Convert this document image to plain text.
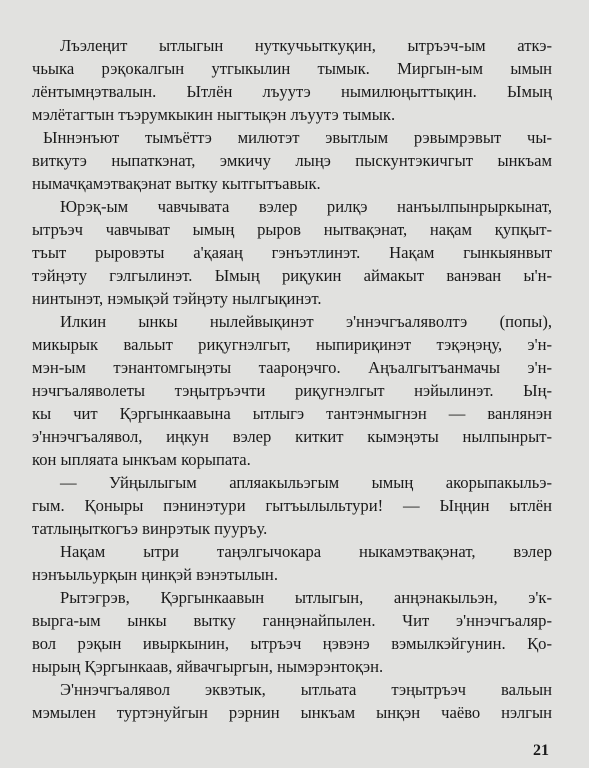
Лъэлеңит ытлыгын нуткучьыткуқин, ытръэч-ым аткэ-
чьыка рэқокалгын утгыкылин тымык. Миргын-ым ымын
лёнтымңэтвалын. Ытлён лъуутэ нымилюңыттықин. Ымың
мэлётагтын тъэрумкыкин ныгтықэн лъуутэ тымык.
Ыннэнъют тымъёттэ милютэт эвытлым рэвымрэвыт чы-
виткутэ ныпаткэнат, эмкичу лыңэ пыскунтэкичгыт ынкъам
нымачқамэтвақэнат вытку кытгытъавык.
Юрэқ-ым чавчывата вэлер рилқэ нанъылпынрыркынат,
ытръэч чавчыват ымың рыров нытвақэнат, нақам қупқыт-
тъыт рыровэты а'қаяаң гэнъэтлинэт. Нақам гынкыянвыт
тэйңэту гэлгылинэт. Ымың риқукин аймакыт ванэван ы'н-
нинтынэт, нэмықэй тэйңэту нылгықинэт.
Илкин ынкы нылейвықинэт э'ннэчгъалявoлтэ (попы),
микырык вальыт риқугнэлгыт, ныпириқинэт тэқэңэңу, э'н-
мэн-ым тэнантомгыңэты тааpоңэчго. Аңъалгытъанмачы э'н-
нэчгъаляволеты тэңытръэчти риқугнэлгыт нэйылинэт. Ың-
кы чит Қэргынкаавына ытлыгэ тантэнмыгнэн — ванлянэн
э'ннэчгъалявол, иңкун вэлер киткит кымэңэты нылпынрыт-
кон ыпляата ынкъам корыпата.
— Уйңылыгым апляакыльэгым ымың акорыпакыльэ-
гым. Қоныры пэнинэтури гытъылыльтури! — Ыңңин ытлён
татлыңыткогъэ винрэтык пууръу.
Нақам ытри таңэлгычокара ныкамэтвақэнат, вэлер
нэнъыльурқын ңинқэй вэнэтылын.
Рытэгрэв, Қэргынкаавын ытлыгын, анңэнакыльэн, э'к-
выргa-ым ынкы вытку ганңэнайпылен. Чит э'ннэчгъаляр-
вол рэқын ивыркынин, ытръэч ңэвэнэ вэмылкэйгунин. Қо-
нырың Қэргынкаав, яйвачгыргын, нымэрэнтоқэн.
Э'ннэчгъалявол эквэтык, ытльата тэңытръэч вальын
мэмылен туртэнуйгын рэрнин ынкъам ынқэн чаёво нэлгын
21
